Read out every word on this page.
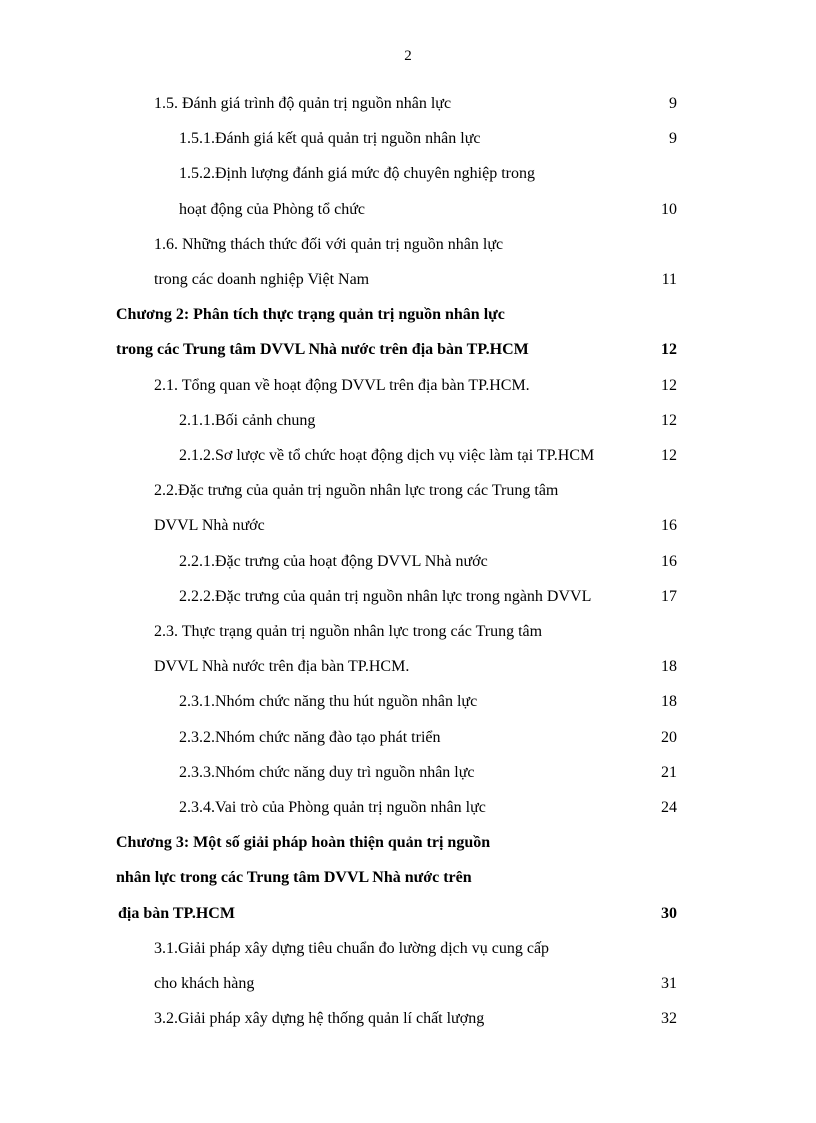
2
1.5. Đánh giá trình độ quản trị nguồn nhân lực	9
1.5.1.Đánh giá kết quả quản trị nguồn nhân lực	9
1.5.2.Định lượng đánh giá mức độ chuyên nghiệp trong
hoạt động của Phòng tổ chức	10
1.6. Những thách thức đối với quản trị nguồn nhân lực
trong các doanh nghiệp Việt Nam	11
Chương 2: Phân tích thực trạng quản trị nguồn nhân lực
trong các Trung tâm DVVL Nhà nước trên địa bàn TP.HCM	12
2.1. Tổng quan về hoạt động DVVL trên địa bàn TP.HCM.	12
2.1.1.Bối cảnh chung	12
2.1.2.Sơ lược về tổ chức hoạt động dịch vụ việc làm tại TP.HCM	12
2.2.Đặc trưng của quản trị nguồn nhân lực trong các Trung tâm
DVVL Nhà nước	16
2.2.1.Đặc trưng của hoạt động DVVL Nhà nước	16
2.2.2.Đặc trưng của quản trị nguồn nhân lực trong ngành DVVL	17
2.3. Thực trạng quản trị nguồn nhân lực trong các Trung tâm
DVVL Nhà nước trên địa bàn TP.HCM.	18
2.3.1.Nhóm chức năng thu hút nguồn nhân lực	18
2.3.2.Nhóm chức năng đào tạo phát triển	20
2.3.3.Nhóm chức năng duy trì nguồn nhân lực	21
2.3.4.Vai trò của Phòng quản trị nguồn nhân lực	24
Chương 3: Một số giải pháp hoàn thiện quản trị nguồn
nhân lực trong các Trung tâm DVVL Nhà nước trên
địa bàn TP.HCM	30
3.1.Giải pháp xây dựng tiêu chuẩn đo lường dịch vụ cung cấp
cho khách hàng	31
3.2.Giải pháp xây dựng hệ thống quản lí chất lượng	32
